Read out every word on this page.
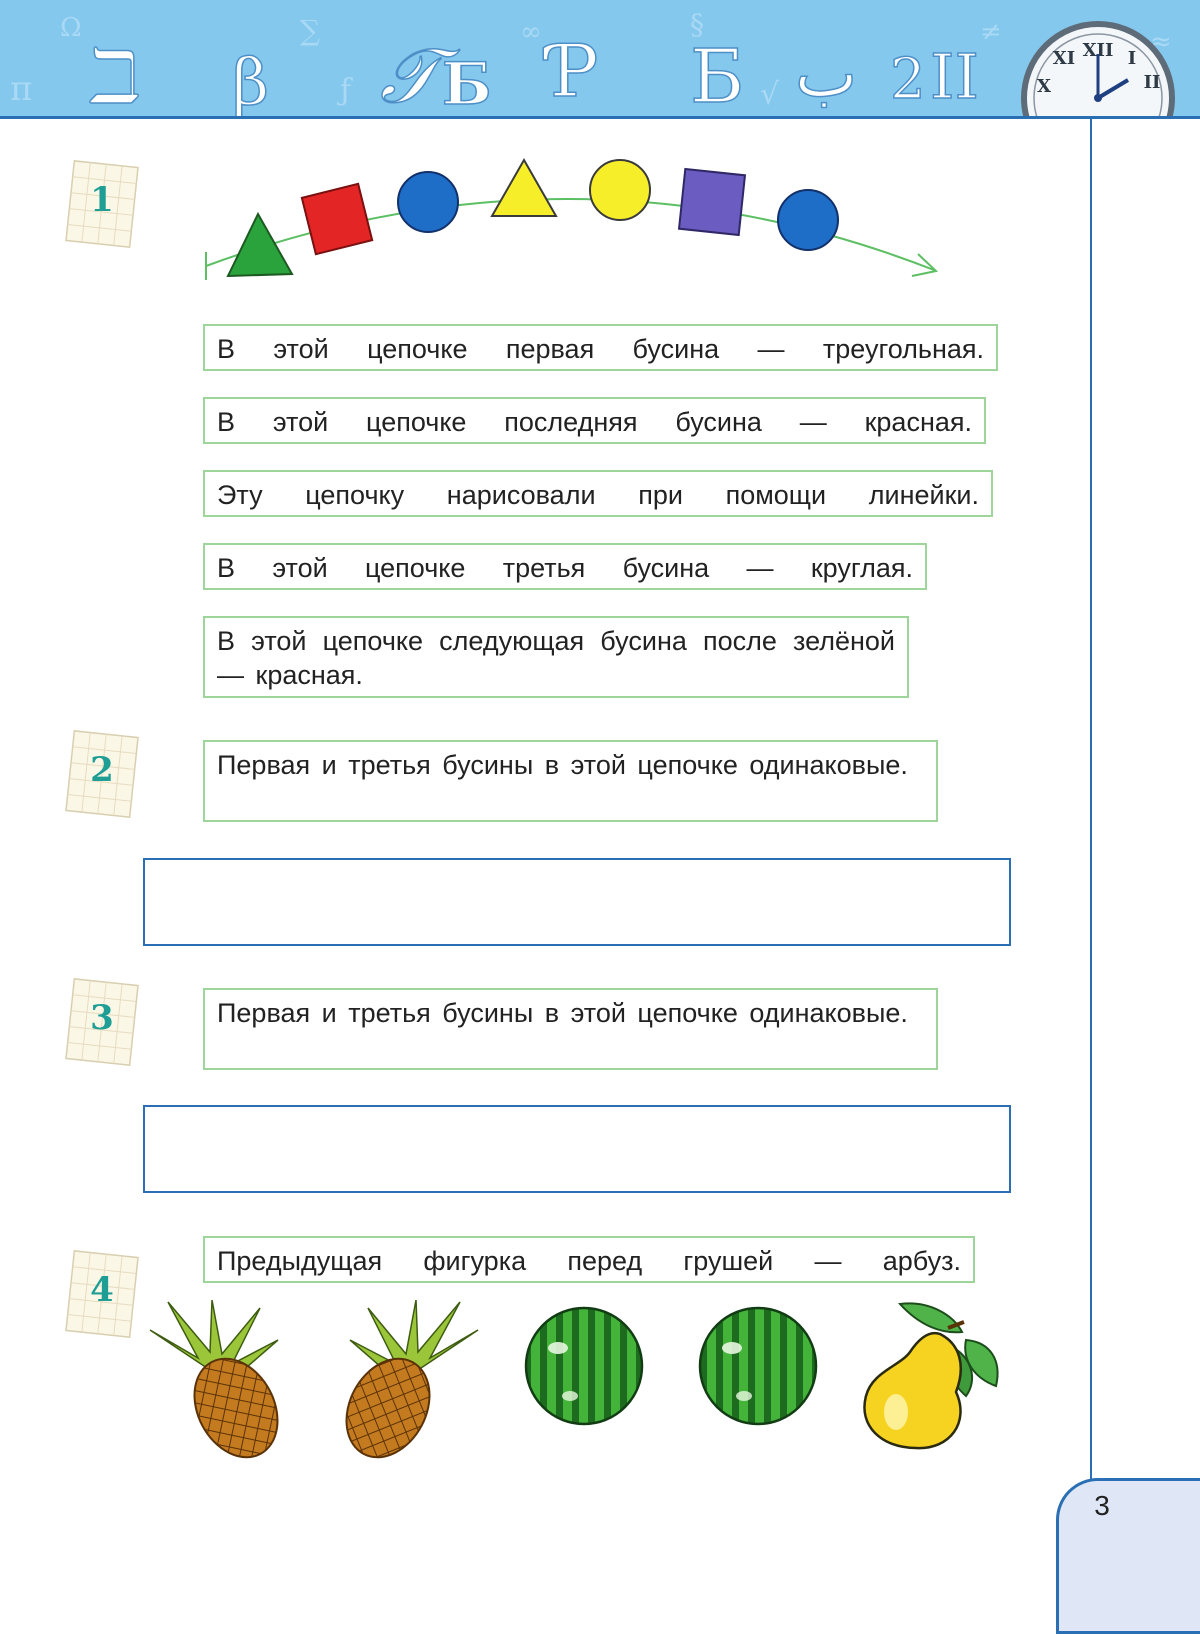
π
Ω	∑
ƒ
∞	§
√
≠	≈
ℶ β 𝒯	Ƥ Ƃ ب 2 II
Б	XII I
II
X
XI
3
1
В этой цепочке первая бусина — треугольная.
В этой цепочке последняя бусина — красная.
Эту цепочку нарисовали при помощи линейки.
В этой цепочке третья бусина — круглая.
В этой цепочке следующая бусина после зелёной — красная.
2	Первая и третья бусины в этой цепочке одинаковые.
3	Первая и третья бусины в этой цепочке одинаковые.
4
Предыдущая фигурка перед грушей — арбуз.
